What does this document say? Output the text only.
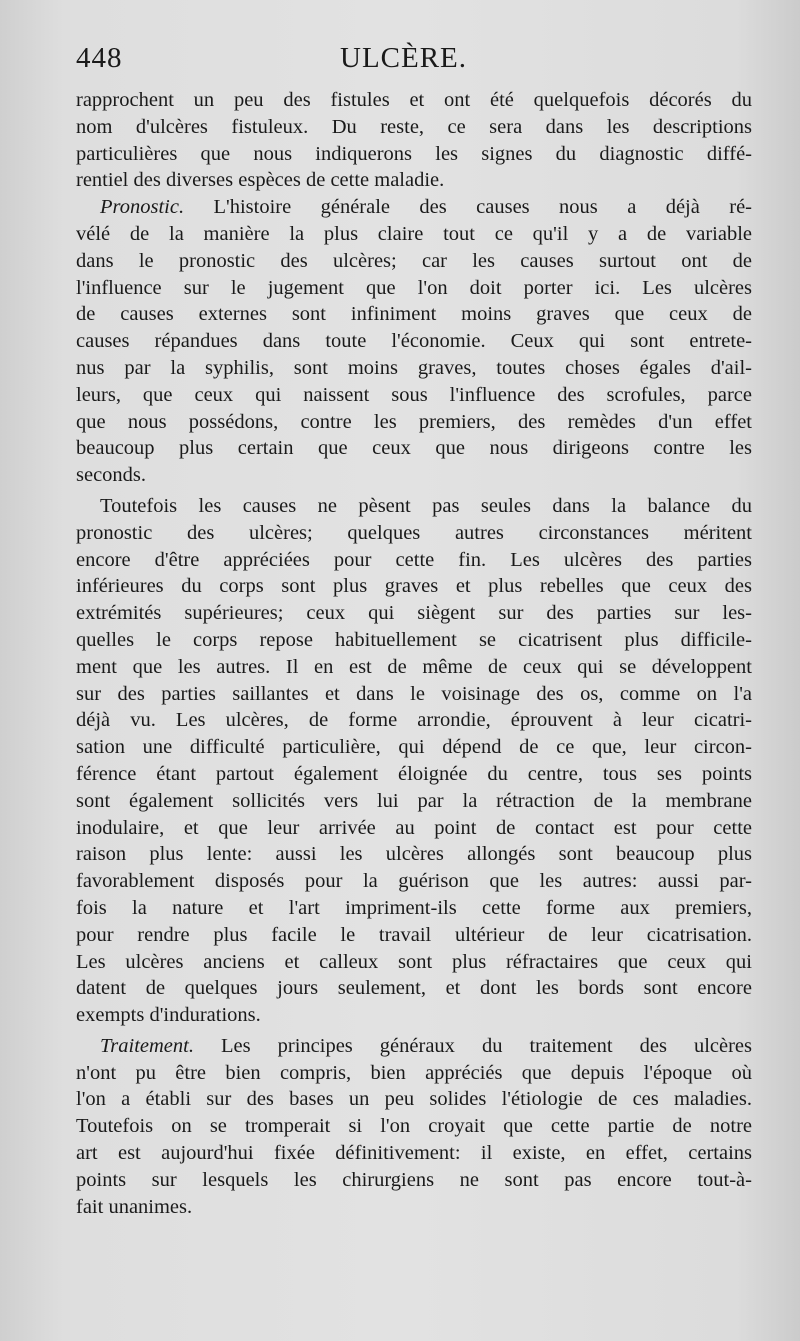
448	ULCÈRE.
rapprochent un peu des fistules et ont été quelquefois décorés du
nom d'ulcères fistuleux. Du reste, ce sera dans les descriptions
particulières que nous indiquerons les signes du diagnostic diffé-
rentiel des diverses espèces de cette maladie.
Pronostic. L'histoire générale des causes nous a déjà ré-
vélé de la manière la plus claire tout ce qu'il y a de variable
dans le pronostic des ulcères; car les causes surtout ont de
l'influence sur le jugement que l'on doit porter ici. Les ulcères
de causes externes sont infiniment moins graves que ceux de
causes répandues dans toute l'économie. Ceux qui sont entrete-
nus par la syphilis, sont moins graves, toutes choses égales d'ail-
leurs, que ceux qui naissent sous l'influence des scrofules, parce
que nous possédons, contre les premiers, des remèdes d'un effet
beaucoup plus certain que ceux que nous dirigeons contre les
seconds.
Toutefois les causes ne pèsent pas seules dans la balance du
pronostic des ulcères; quelques autres circonstances méritent
encore d'être appréciées pour cette fin. Les ulcères des parties
inférieures du corps sont plus graves et plus rebelles que ceux des
extrémités supérieures; ceux qui siègent sur des parties sur les-
quelles le corps repose habituellement se cicatrisent plus difficile-
ment que les autres. Il en est de même de ceux qui se développent
sur des parties saillantes et dans le voisinage des os, comme on l'a
déjà vu. Les ulcères, de forme arrondie, éprouvent à leur cicatri-
sation une difficulté particulière, qui dépend de ce que, leur circon-
férence étant partout également éloignée du centre, tous ses points
sont également sollicités vers lui par la rétraction de la membrane
inodulaire, et que leur arrivée au point de contact est pour cette
raison plus lente: aussi les ulcères allongés sont beaucoup plus
favorablement disposés pour la guérison que les autres: aussi par-
fois la nature et l'art impriment-ils cette forme aux premiers,
pour rendre plus facile le travail ultérieur de leur cicatrisation.
Les ulcères anciens et calleux sont plus réfractaires que ceux qui
datent de quelques jours seulement, et dont les bords sont encore
exempts d'indurations.
Traitement. Les principes généraux du traitement des ulcères
n'ont pu être bien compris, bien appréciés que depuis l'époque où
l'on a établi sur des bases un peu solides l'étiologie de ces maladies.
Toutefois on se tromperait si l'on croyait que cette partie de notre
art est aujourd'hui fixée définitivement: il existe, en effet, certains
points sur lesquels les chirurgiens ne sont pas encore tout-à-
fait unanimes.
